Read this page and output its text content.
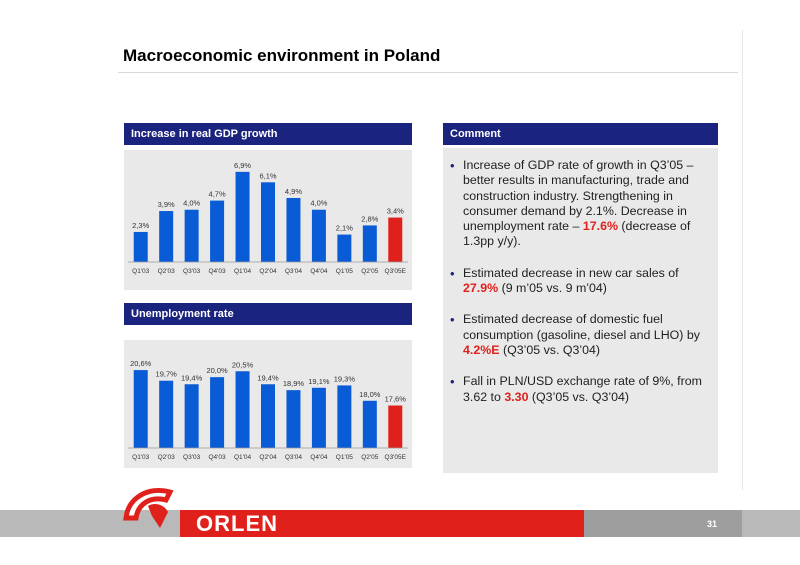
Macroeconomic environment in Poland
Increase in real GDP growth
2,3%
Q1'03
3,9%
Q2'03
4,0%
Q3'03
4,7%
Q4'03
6,9%
Q1'04
6,1%
Q2'04
4,9%
Q3'04
4,0%
Q4'04
2,1%
Q1'05
2,8%
Q2'05
3,4%
Q3'05E
Unemployment rate
20,6%
Q1'03
19,7%
Q2'03
19,4%
Q3'03
20,0%
Q4'03
20,5%
Q1'04
19,4%
Q2'04
18,9%
Q3'04
19,1%
Q4'04
19,3%
Q1'05
18,0%
Q2'05
17,6%
Q3'05E
Comment
• Increase of GDP rate of growth in Q3’05 – better results in manufacturing, trade and construction industry. Strengthening in consumer demand by 2.1%. Decrease in unemployment rate – 17.6% (decrease of 1.3pp y/y).
• Estimated decrease in new car sales of 27.9% (9 m’05 vs. 9 m’04)
• Estimated decrease of domestic fuel consumption (gasoline, diesel and LHO) by 4.2%E (Q3’05 vs. Q3’04)
• Fall in PLN/USD exchange rate of 9%, from 3.62 to 3.30 (Q3’05 vs. Q3’04)
ORLEN	31
